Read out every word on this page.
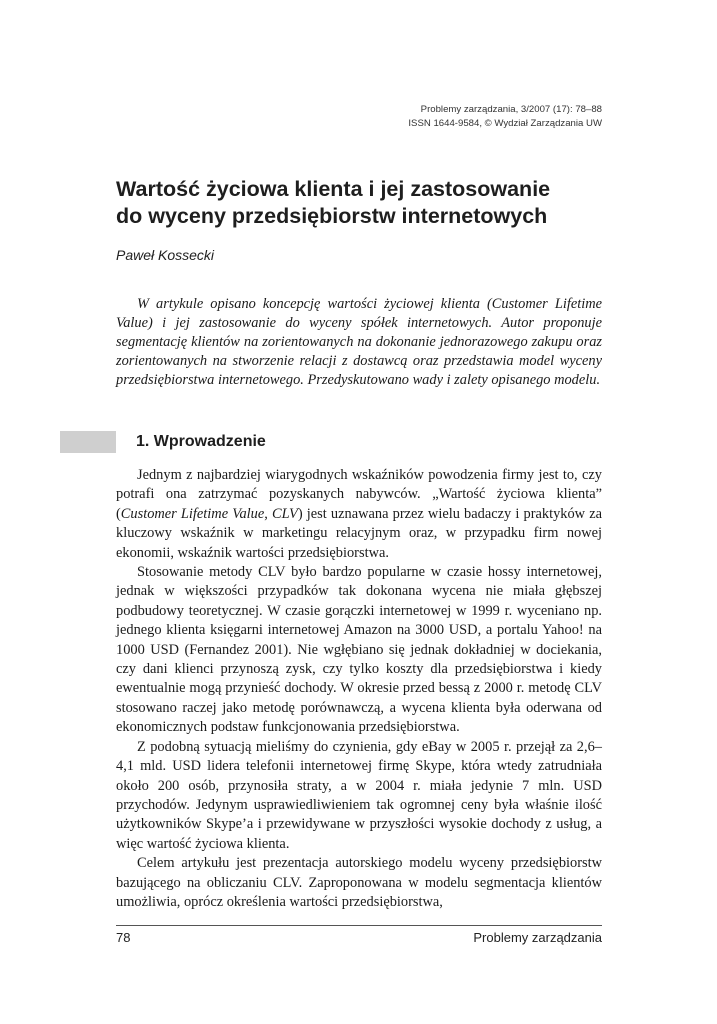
Problemy zarządzania, 3/2007 (17): 78–88
ISSN 1644-9584, © Wydział Zarządzania UW
Wartość życiowa klienta i jej zastosowanie
do wyceny przedsiębiorstw internetowych
Paweł Kossecki

W artykule opisano koncepcję wartości życiowej klienta (Customer Lifetime Value) i jej zastosowanie do wyceny spółek internetowych. Autor proponuje segmentację klientów na zorientowanych na dokonanie jednorazowego zakupu oraz zorientowanych na stworzenie relacji z dostawcą oraz przedstawia model wyceny przedsiębiorstwa internetowego. Przedyskutowano wady i zalety opisanego modelu.

1. Wprowadzenie

Jednym z najbardziej wiarygodnych wskaźników powodzenia firmy jest to, czy potrafi ona zatrzymać pozyskanych nabywców. „Wartość życiowa klienta” (Customer Lifetime Value, CLV) jest uznawana przez wielu badaczy i praktyków za kluczowy wskaźnik w marketingu relacyjnym oraz, w przypadku firm nowej ekonomii, wskaźnik wartości przedsiębiorstwa.

Stosowanie metody CLV było bardzo popularne w czasie hossy internetowej, jednak w większości przypadków tak dokonana wycena nie miała głębszej podbudowy teoretycznej. W czasie gorączki internetowej w 1999 r. wyceniano np. jednego klienta księgarni internetowej Amazon na 3000 USD, a portalu Yahoo! na 1000 USD (Fernandez 2001). Nie wgłębiano się jednak dokładniej w dociekania, czy dani klienci przynoszą zysk, czy tylko koszty dla przedsiębiorstwa i kiedy ewentualnie mogą przynieść dochody. W okresie przed bessą z 2000 r. metodę CLV stosowano raczej jako metodę porównawczą, a wycena klienta była oderwana od ekonomicznych podstaw funkcjonowania przedsiębiorstwa.

Z podobną sytuacją mieliśmy do czynienia, gdy eBay w 2005 r. przejął za 2,6–4,1 mld. USD lidera telefonii internetowej firmę Skype, która wtedy zatrudniała około 200 osób, przynosiła straty, a w 2004 r. miała jedynie 7 mln. USD przychodów. Jedynym usprawiedliwieniem tak ogromnej ceny była właśnie ilość użytkowników Skype’a i przewidywane w przyszłości wysokie dochody z usług, a więc wartość życiowa klienta.

Celem artykułu jest prezentacja autorskiego modelu wyceny przedsiębiorstw bazującego na obliczaniu CLV. Zaproponowana w modelu segmentacja klientów umożliwia, oprócz określenia wartości przedsiębiorstwa,

78	Problemy zarządzania
